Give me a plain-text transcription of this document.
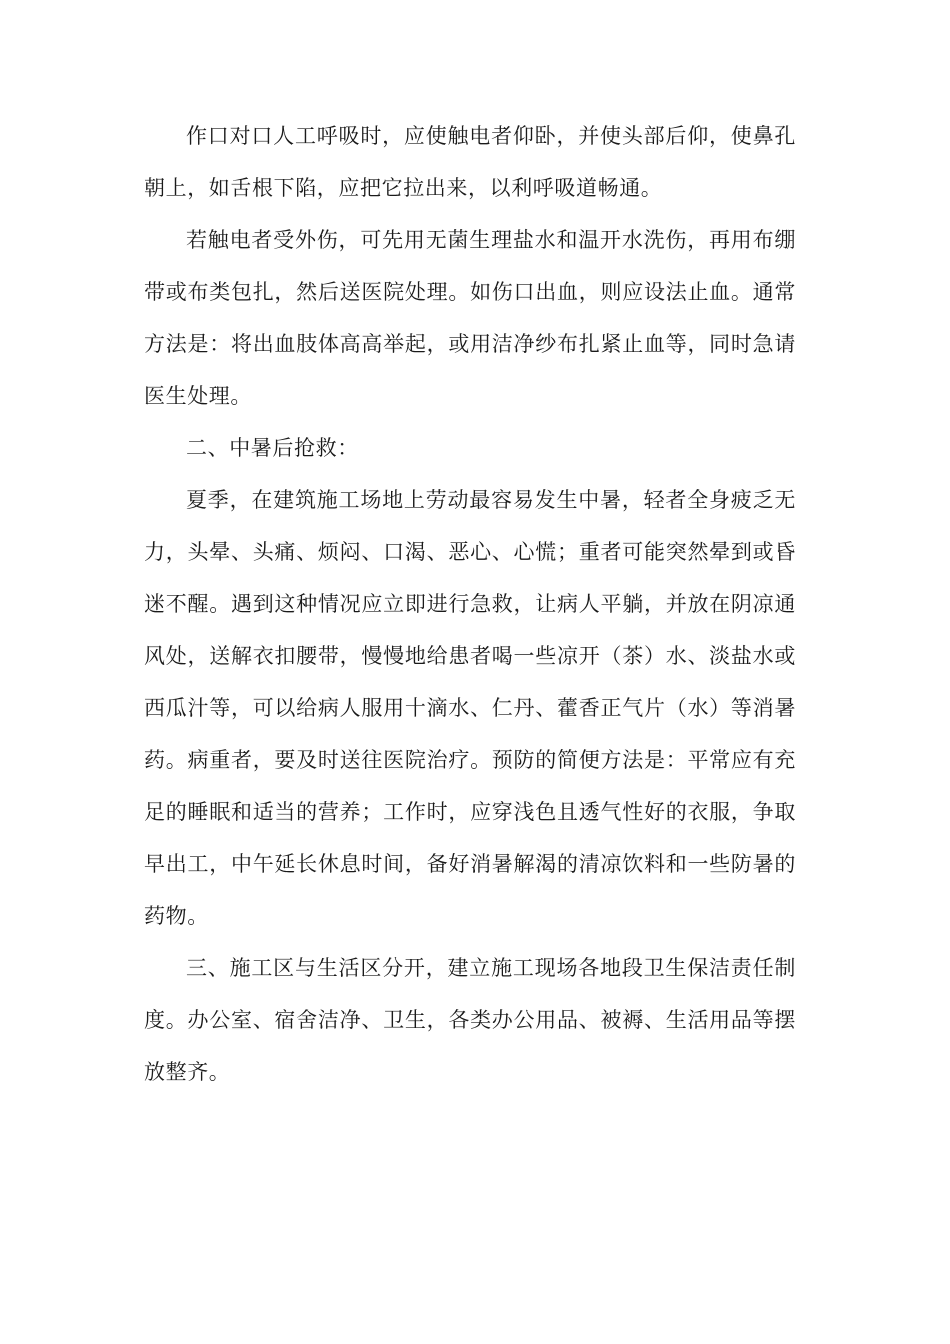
作口对口人工呼吸时，应使触电者仰卧，并使头部后仰，使鼻孔朝上，如舌根下陷，应把它拉出来，以利呼吸道畅通。

若触电者受外伤，可先用无菌生理盐水和温开水洗伤，再用布绷带或布类包扎，然后送医院处理。如伤口出血，则应设法止血。通常方法是：将出血肢体高高举起，或用洁净纱布扎紧止血等，同时急请医生处理。

二、中暑后抢救：

夏季，在建筑施工场地上劳动最容易发生中暑，轻者全身疲乏无力，头晕、头痛、烦闷、口渴、恶心、心慌；重者可能突然晕到或昏迷不醒。遇到这种情况应立即进行急救，让病人平躺，并放在阴凉通风处，送解衣扣腰带，慢慢地给患者喝一些凉开（茶）水、淡盐水或西瓜汁等，可以给病人服用十滴水、仁丹、藿香正气片（水）等消暑药。病重者，要及时送往医院治疗。预防的简便方法是：平常应有充足的睡眠和适当的营养；工作时，应穿浅色且透气性好的衣服，争取早出工，中午延长休息时间，备好消暑解渴的清凉饮料和一些防暑的药物。

三、施工区与生活区分开，建立施工现场各地段卫生保洁责任制度。办公室、宿舍洁净、卫生，各类办公用品、被褥、生活用品等摆放整齐。
